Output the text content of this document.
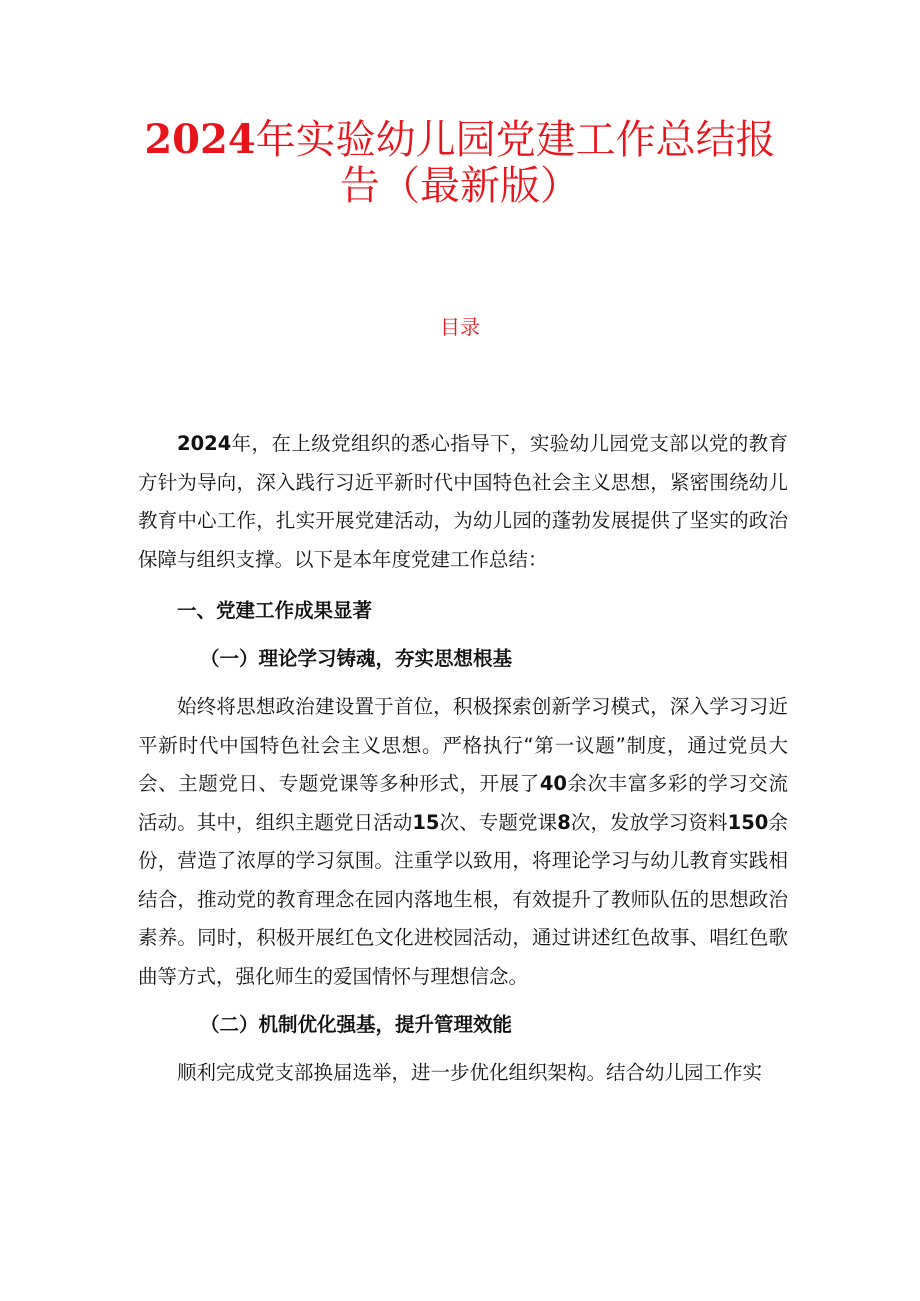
2024年实验幼儿园党建工作总结报
告（最新版）
目录

2024年，在上级党组织的悉心指导下，实验幼儿园党支部以党的教育方针为导向，深入践行习近平新时代中国特色社会主义思想，紧密围绕幼儿教育中心工作，扎实开展党建活动，为幼儿园的蓬勃发展提供了坚实的政治保障与组织支撑。以下是本年度党建工作总结：

一、党建工作成果显著
（一）理论学习铸魂，夯实思想根基

始终将思想政治建设置于首位，积极探索创新学习模式，深入学习习近平新时代中国特色社会主义思想。严格执行“第一议题”制度，通过党员大会、主题党日、专题党课等多种形式，开展了40余次丰富多彩的学习交流活动。其中，组织主题党日活动15次、专题党课8次，发放学习资料150余份，营造了浓厚的学习氛围。注重学以致用，将理论学习与幼儿教育实践相结合，推动党的教育理念在园内落地生根，有效提升了教师队伍的思想政治素养。同时，积极开展红色文化进校园活动，通过讲述红色故事、唱红色歌曲等方式，强化师生的爱国情怀与理想信念。

（二）机制优化强基，提升管理效能

顺利完成党支部换届选举，进一步优化组织架构。结合幼儿园工作实
